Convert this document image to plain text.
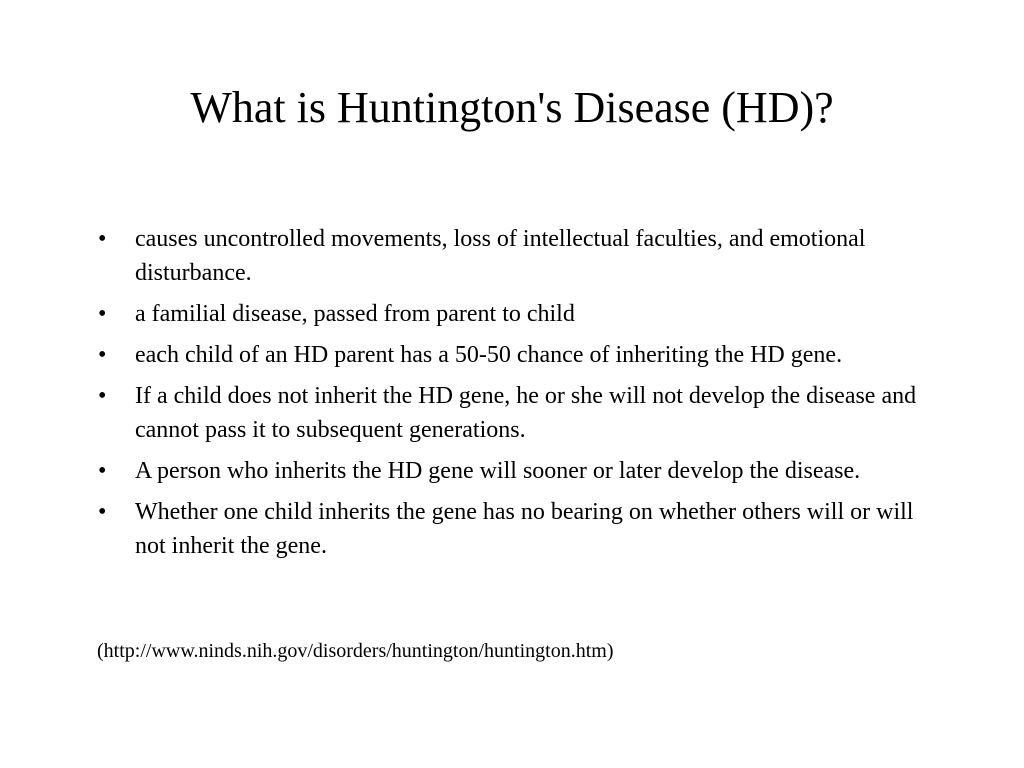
What is Huntington's Disease (HD)?
•	causes uncontrolled movements, loss of intellectual faculties, and emotional disturbance.
•	a familial disease, passed from parent to child
•	each child of an HD parent has a 50-50 chance of inheriting the HD gene.
•	If a child does not inherit the HD gene, he or she will not develop the disease and cannot pass it to subsequent generations.
•	A person who inherits the HD gene will sooner or later develop the disease.
•	Whether one child inherits the gene has no bearing on whether others will or will not inherit the gene.

(http://www.ninds.nih.gov/disorders/huntington/huntington.htm)
